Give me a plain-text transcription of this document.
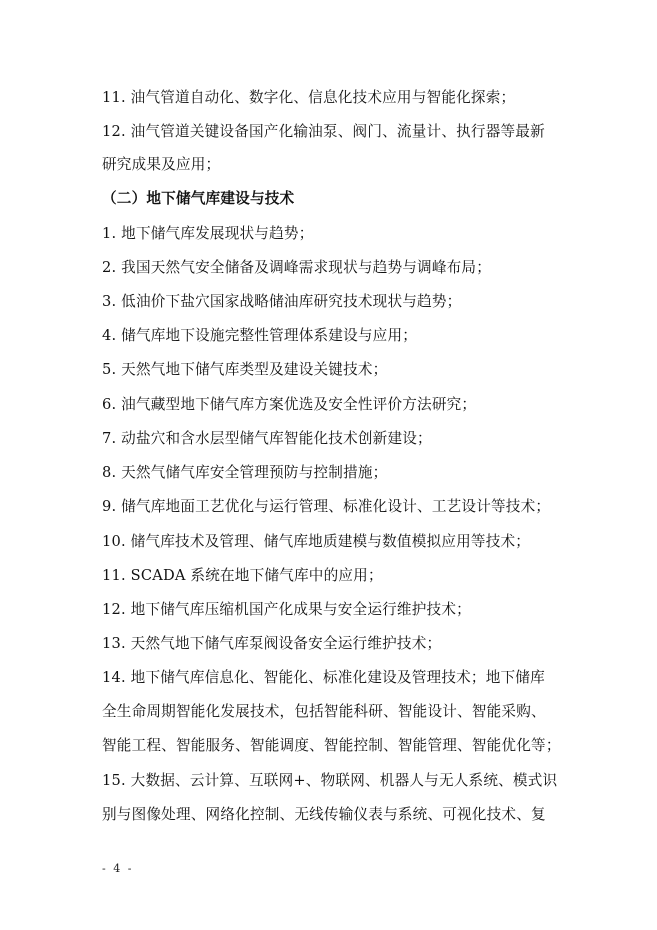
11. 油气管道自动化、数字化、信息化技术应用与智能化探索；
12. 油气管道关键设备国产化输油泵、阀门、流量计、执行器等最新
研究成果及应用；
（二）地下储气库建设与技术
1. 地下储气库发展现状与趋势；
2. 我国天然气安全储备及调峰需求现状与趋势与调峰布局；
3. 低油价下盐穴国家战略储油库研究技术现状与趋势；
4. 储气库地下设施完整性管理体系建设与应用；
5. 天然气地下储气库类型及建设关键技术；
6. 油气藏型地下储气库方案优选及安全性评价方法研究；
7. 动盐穴和含水层型储气库智能化技术创新建设；
8. 天然气储气库安全管理预防与控制措施；
9. 储气库地面工艺优化与运行管理、标准化设计、工艺设计等技术；
10. 储气库技术及管理、储气库地质建模与数值模拟应用等技术；
11. SCADA 系统在地下储气库中的应用；
12. 地下储气库压缩机国产化成果与安全运行维护技术；
13. 天然气地下储气库泵阀设备安全运行维护技术；
14. 地下储气库信息化、智能化、标准化建设及管理技术；地下储库
全生命周期智能化发展技术，包括智能科研、智能设计、智能采购、
智能工程、智能服务、智能调度、智能控制、智能管理、智能优化等；
15. 大数据、云计算、互联网+、物联网、机器人与无人系统、模式识
别与图像处理、网络化控制、无线传输仪表与系统、可视化技术、复
- 4 -
